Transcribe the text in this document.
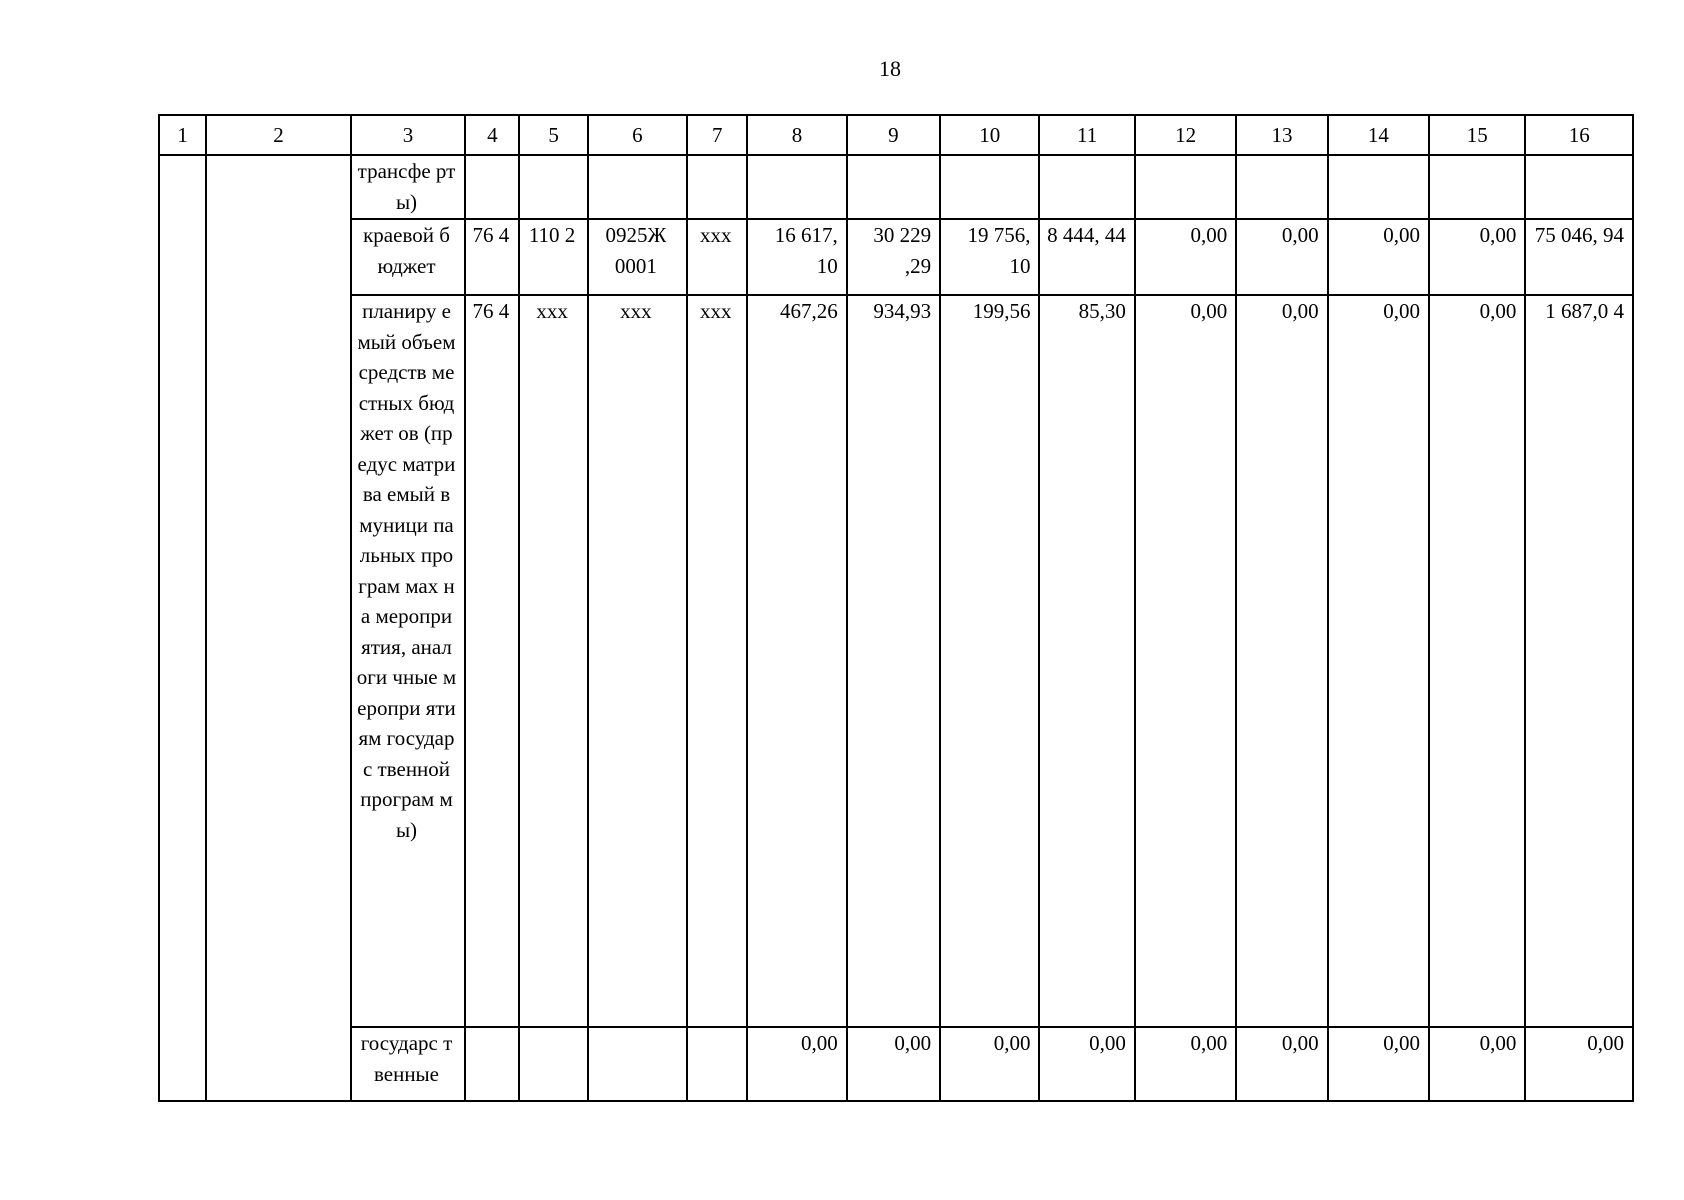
18
1	2	3	4	5	6	7	8	9	10	11	12	13	14	15	16

		трансфе рты)													

		краевой бюджет	76 4	110 2	0925Ж 0001	xxx	16 617, 10	30 229 ,29	19 756, 10	8 444, 44	0,00	0,00	0,00	0,00	75 046, 94

		планиру емый объем средств местных бюджет ов (предус матрива емый в муници пальных програм мах на меропри ятия, аналоги чные меропри ятиям государс твенной програм мы)	76 4	xxx	xxx	xxx	467,26	934,93	199,56	85,30	0,00	0,00	0,00	0,00	1 687,0 4

		государс твенные					0,00	0,00	0,00	0,00	0,00	0,00	0,00	0,00	0,00
